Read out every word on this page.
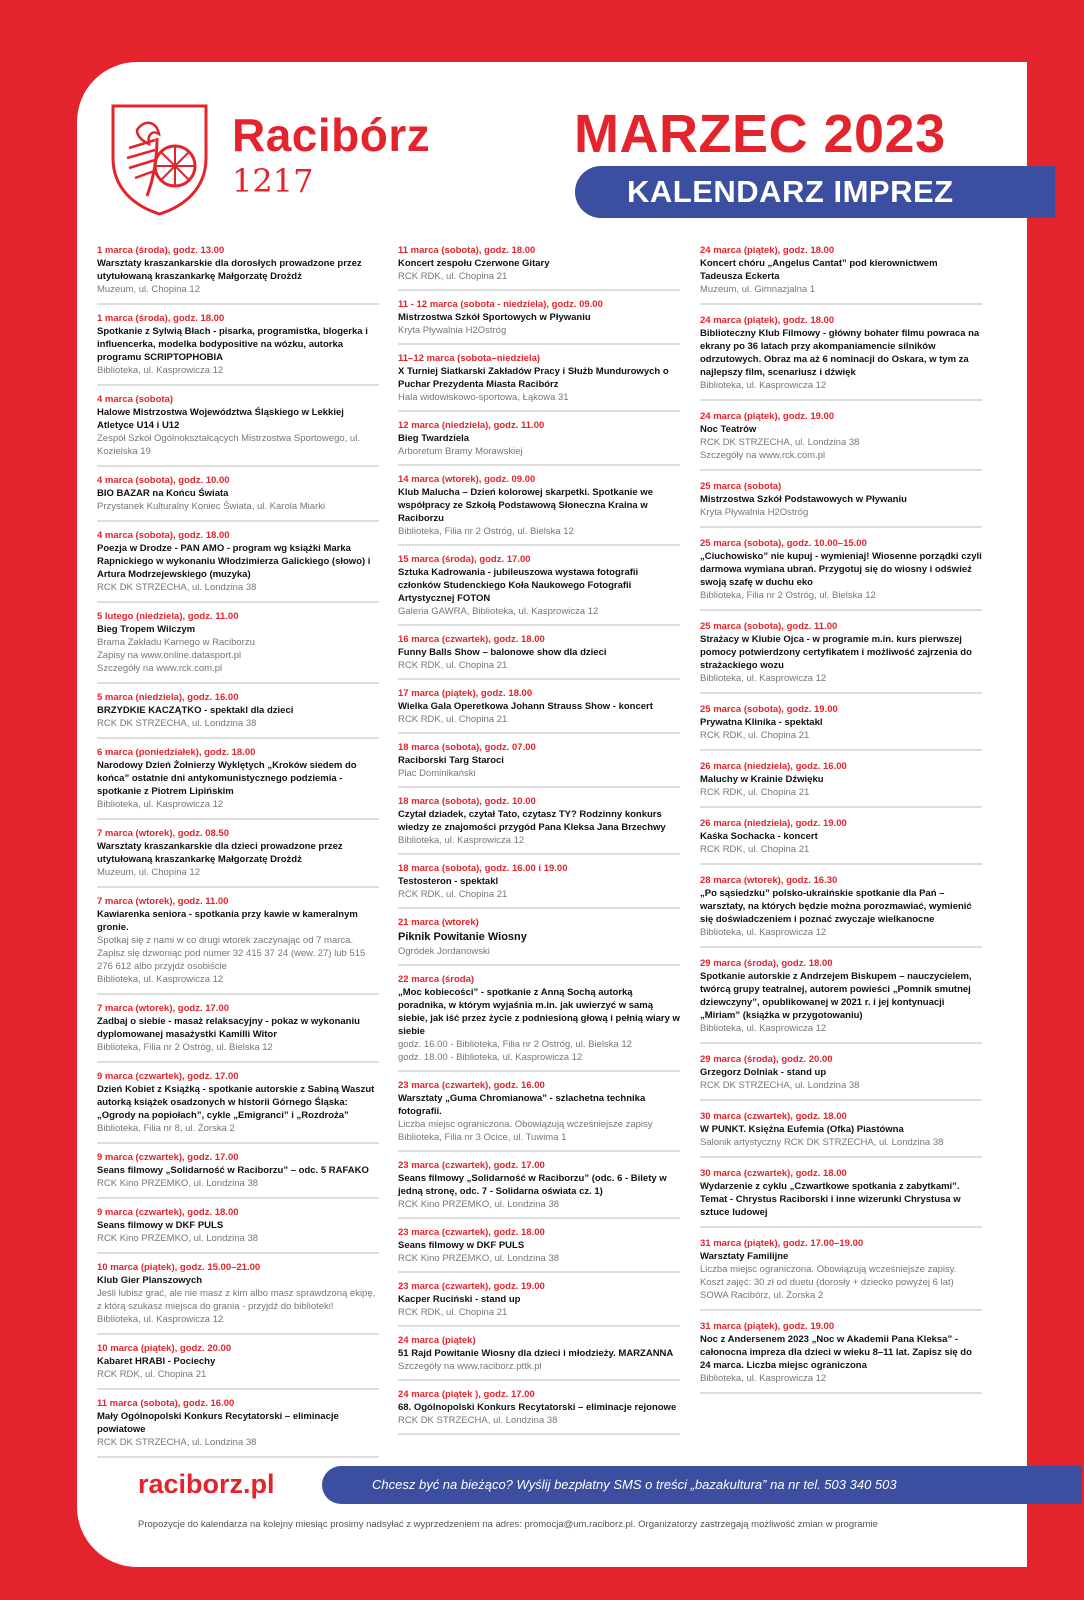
Racibórz
1217
MARZEC 2023
KALENDARZ IMPREZ
1 marca (środa), godz. 13.00
Warsztaty kraszankarskie dla dorosłych prowadzone przez utytułowaną kraszankarkę Małgorzatę Drożdż
Muzeum, ul. Chopina 12
1 marca (środa), godz. 18.00
Spotkanie z Sylwią Błach - pisarka, programistka, blogerka i influencerka, modelka bodypositive na wózku, autorka programu SCRIPTOPHOBIA
Biblioteka, ul. Kasprowicza 12
4 marca (sobota)
Halowe Mistrzostwa Województwa Śląskiego w Lekkiej Atletyce U14 i U12
Zespół Szkół Ogólnokształcących Mistrzostwa Sportowego, ul. Kozielska 19
4 marca (sobota), godz. 10.00
BIO BAZAR na Końcu Świata
Przystanek Kulturalny Koniec Świata, ul. Karola Miarki
4 marca (sobota), godz. 18.00
Poezja w Drodze - PAN AMO - program wg książki Marka Rapnickiego w wykonaniu Włodzimierza Galickiego (słowo) i Artura Modrzejewskiego (muzyka)
RCK DK STRZECHA, ul. Londzina 38
5 lutego (niedziela), godz. 11.00
Bieg Tropem Wilczym
Brama Zakładu Karnego w Raciborzu
Zapisy na www.online.datasport.pl
Szczegóły na www.rck.com.pl
5 marca (niedziela), godz. 16.00
BRZYDKIE KACZĄTKO - spektakl dla dzieci
RCK DK STRZECHA, ul. Londzina 38
6 marca (poniedziałek), godz. 18.00
Narodowy Dzień Żołnierzy Wyklętych „Kroków siedem do końca” ostatnie dni antykomunistycznego podziemia - spotkanie z Piotrem Lipińskim
Biblioteka, ul. Kasprowicza 12
7 marca (wtorek), godz. 08.50
Warsztaty kraszankarskie dla dzieci prowadzone przez utytułowaną kraszankarkę Małgorzatę Drożdż
Muzeum, ul. Chopina 12
7 marca (wtorek), godz. 11.00
Kawiarenka seniora - spotkania przy kawie w kameralnym gronie.
Spotkaj się z nami w co drugi wtorek zaczynając od 7 marca. Zapisz się dzwoniąc pod numer 32 415 37 24 (wew. 27) lub 515 276 612 albo przyjdź osobiście
Biblioteka, ul. Kasprowicza 12
7 marca (wtorek), godz. 17.00
Zadbaj o siebie - masaż relaksacyjny - pokaz w wykonaniu dyplomowanej masażystki Kamilli Witor
Biblioteka, Filia nr 2 Ostróg, ul. Bielska 12
9 marca (czwartek), godz. 17.00
Dzień Kobiet z Książką - spotkanie autorskie z Sabiną Waszut autorką książek osadzonych w historii Górnego Śląska: „Ogrody na popiołach”, cykle „Emigranci” i „Rozdroża”
Biblioteka, Filia nr 8, ul. Żorska 2
9 marca (czwartek), godz. 17.00
Seans filmowy „Solidarność w Raciborzu” – odc. 5 RAFAKO
RCK Kino PRZEMKO, ul. Londzina 38
9 marca (czwartek), godz. 18.00
Seans filmowy w DKF PULS
RCK Kino PRZEMKO, ul. Londzina 38
10 marca (piątek), godz. 15.00–21.00
Klub Gier Planszowych
Jeśli lubisz grać, ale nie masz z kim albo masz sprawdzoną ekipę, z którą szukasz miejsca do grania - przyjdź do biblioteki!
Biblioteka, ul. Kasprowicza 12
10 marca (piątek), godz. 20.00
Kabaret HRABI - Pociechy
RCK RDK, ul. Chopina 21
11 marca (sobota), godz. 16.00
Mały Ogólnopolski Konkurs Recytatorski – eliminacje powiatowe
RCK DK STRZECHA, ul. Londzina 38
11 marca (sobota), godz. 18.00
Koncert zespołu Czerwone Gitary
RCK RDK, ul. Chopina 21
11 - 12 marca (sobota - niedziela), godz. 09.00
Mistrzostwa Szkół Sportowych w Pływaniu
Kryta Pływalnia H2Ostróg
11–12 marca (sobota–niedziela)
X Turniej Siatkarski Zakładów Pracy i Służb Mundurowych o Puchar Prezydenta Miasta Racibórz
Hala widowiskowo-sportowa, Łąkowa 31
12 marca (niedziela), godz. 11.00
Bieg Twardziela
Arboretum Bramy Morawskiej
14 marca (wtorek), godz. 09.00
Klub Malucha – Dzień kolorowej skarpetki. Spotkanie we współpracy ze Szkołą Podstawową Słoneczna Kraina w Raciborzu
Biblioteka, Filia nr 2 Ostróg, ul. Bielska 12
15 marca (środa), godz. 17.00
Sztuka Kadrowania - jubileuszowa wystawa fotografii członków Studenckiego Koła Naukowego Fotografii Artystycznej FOTON
Galeria GAWRA, Biblioteka, ul. Kasprowicza 12
16 marca (czwartek), godz. 18.00
Funny Balls Show – balonowe show dla dzieci
RCK RDK, ul. Chopina 21
17 marca (piątek), godz. 18.00
Wielka Gala Operetkowa Johann Strauss Show - koncert
RCK RDK, ul. Chopina 21
18 marca (sobota), godz. 07.00
Raciborski Targ Staroci
Plac Dominikański
18 marca (sobota), godz. 10.00
Czytał dziadek, czytał Tato, czytasz TY? Rodzinny konkurs wiedzy ze znajomości przygód Pana Kleksa Jana Brzechwy
Biblioteka, ul. Kasprowicza 12
18 marca (sobota), godz. 16.00 i 19.00
Testosteron - spektakl
RCK RDK, ul. Chopina 21
21 marca (wtorek)
Piknik Powitanie Wiosny
Ogródek Jordanowski
22 marca (środa)
„Moc kobiecości” - spotkanie z Anną Sochą autorką poradnika, w którym wyjaśnia m.in. jak uwierzyć w samą siebie, jak iść przez życie z podniesioną głową i pełnią wiary w siebie
godz. 16.00 - Biblioteka, Filia nr 2 Ostróg, ul. Bielska 12
godz. 18.00 - Biblioteka, ul. Kasprowicza 12
23 marca (czwartek), godz. 16.00
Warsztaty „Guma Chromianowa” - szlachetna technika fotografii.
Liczba miejsc ograniczona. Obowiązują wcześniejsze zapisy
Biblioteka, Filia nr 3 Ocice, ul. Tuwima 1
23 marca (czwartek), godz. 17.00
Seans filmowy „Solidarność w Raciborzu” (odc. 6 - Bilety w jedną stronę, odc. 7 - Solidarna oświata cz. 1)
RCK Kino PRZEMKO, ul. Londzina 38
23 marca (czwartek), godz. 18.00
Seans filmowy w DKF PULS
RCK Kino PRZEMKO, ul. Londzina 38
23 marca (czwartek), godz. 19.00
Kacper Ruciński - stand up
RCK RDK, ul. Chopina 21
24 marca (piątek)
51 Rajd Powitanie Wiosny dla dzieci i młodzieży. MARZANNA
Szczegóły na www.raciborz.pttk.pl
24 marca (piątek ), godz. 17.00
68. Ogólnopolski Konkurs Recytatorski – eliminacje rejonowe
RCK DK STRZECHA, ul. Londzina 38
24 marca (piątek), godz. 18.00
Koncert chóru „Angelus Cantat” pod kierownictwem Tadeusza Eckerta
Muzeum, ul. Gimnazjalna 1
24 marca (piątek), godz. 18.00
Biblioteczny Klub Filmowy - główny bohater filmu powraca na ekrany po 36 latach przy akompaniamencie silników odrzutowych. Obraz ma aż 6 nominacji do Oskara, w tym za najlepszy film, scenariusz i dźwięk
Biblioteka, ul. Kasprowicza 12
24 marca (piątek), godz. 19.00
Noc Teatrów
RCK DK STRZECHA, ul. Londzina 38
Szczegóły na www.rck.com.pl
25 marca (sobota)
Mistrzostwa Szkół Podstawowych w Pływaniu
Kryta Pływalnia H2Ostróg
25 marca (sobota), godz. 10.00–15.00
„Ciuchowisko” nie kupuj - wymieniaj! Wiosenne porządki czyli darmowa wymiana ubrań. Przygotuj się do wiosny i odśwież swoją szafę w duchu eko
Biblioteka, Filia nr 2 Ostróg, ul. Bielska 12
25 marca (sobota), godz. 11.00
Strażacy w Klubie Ojca - w programie m.in. kurs pierwszej pomocy potwierdzony certyfikatem i możliwość zajrzenia do strażackiego wozu
Biblioteka, ul. Kasprowicza 12
25 marca (sobota), godz. 19.00
Prywatna Klinika - spektakl
RCK RDK, ul. Chopina 21
26 marca (niedziela), godz. 16.00
Maluchy w Krainie Dźwięku
RCK RDK, ul. Chopina 21
26 marca (niedziela), godz. 19.00
Kaśka Sochacka - koncert
RCK RDK, ul. Chopina 21
28 marca (wtorek), godz. 16.30
„Po sąsiedzku” polsko-ukraińskie spotkanie dla Pań – warsztaty, na których będzie można porozmawiać, wymienić się doświadczeniem i poznać zwyczaje wielkanocne
Biblioteka, ul. Kasprowicza 12
29 marca (środa), godz. 18.00
Spotkanie autorskie z Andrzejem Biskupem – nauczycielem, twórcą grupy teatralnej, autorem powieści „Pomnik smutnej dziewczyny”, opublikowanej w 2021 r. i jej kontynuacji „Miriam” (książka w przygotowaniu)
Biblioteka, ul. Kasprowicza 12
29 marca (środa), godz. 20.00
Grzegorz Dolniak - stand up
RCK DK STRZECHA, ul. Londzina 38
30 marca (czwartek), godz. 18.00
W PUNKT. Księżna Eufemia (Ofka) Piastówna
Salonik artystyczny RCK DK STRZECHA, ul. Londzina 38
30 marca (czwartek), godz. 18.00
Wydarzenie z cyklu „Czwartkowe spotkania z zabytkami”. Temat - Chrystus Raciborski i inne wizerunki Chrystusa w sztuce ludowej
31 marca (piątek), godz. 17.00–19.00
Warsztaty Familijne
Liczba miejsc ograniczona. Obowiązują wcześniejsze zapisy. Koszt zajęć: 30 zł od duetu (dorosły + dziecko powyżej 6 lat)
SOWA Racibórz, ul. Żorska 2
31 marca (piątek), godz. 19.00
Noc z Andersenem 2023 „Noc w Akademii Pana Kleksa” - całonocna impreza dla dzieci w wieku 8–11 lat. Zapisz się do 24 marca. Liczba miejsc ograniczona
Biblioteka, ul. Kasprowicza 12
raciborz.pl	Chcesz być na bieżąco? Wyślij bezpłatny SMS o treści „bazakultura” na nr tel. 503 340 503
Propozycje do kalendarza na kolejny miesiąc prosimy nadsyłać z wyprzedzeniem na adres: promocja@um.raciborz.pl. Organizatorzy zastrzegają możliwość zmian w programie
